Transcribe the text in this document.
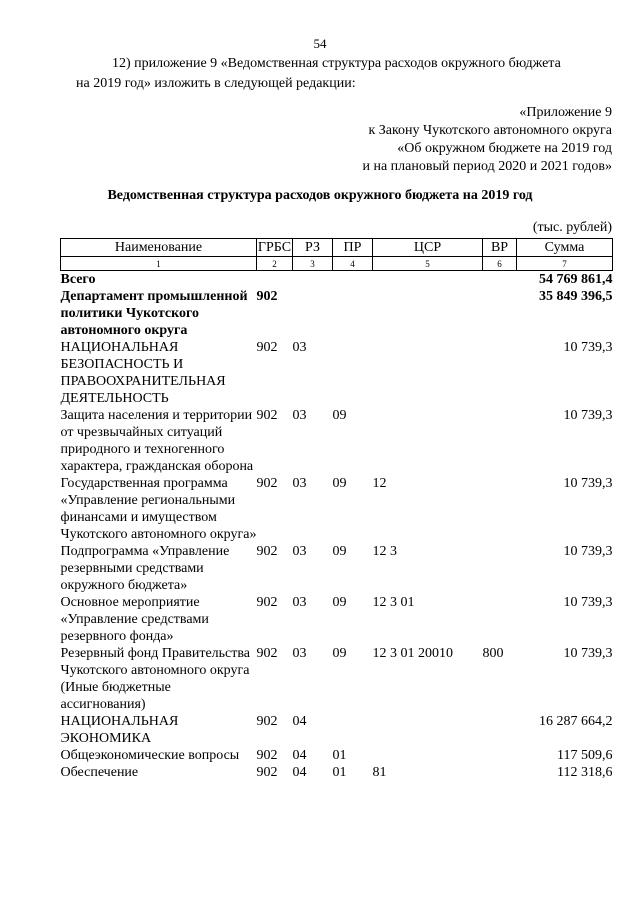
54
12) приложение 9 «Ведомственная структура расходов окружного бюджета
на 2019 год» изложить в следующей редакции:
«Приложение 9
к Закону Чукотского автономного округа
«Об окружном бюджете на 2019 год
и на плановый период 2020 и 2021 годов»
Ведомственная структура расходов окружного бюджета на 2019 год
(тыс. рублей)
Наименование	ГРБС	РЗ	ПР	ЦСР	ВР	Сумма
1	2	3	4	5	6	7
Всего						54 769 861,4
Департамент промышленной политики Чукотского автономного округа	902					35 849 396,5
НАЦИОНАЛЬНАЯ БЕЗОПАСНОСТЬ И ПРАВООХРАНИТЕЛЬНАЯ ДЕЯТЕЛЬНОСТЬ	902	03				10 739,3
Защита населения и территории от чрезвычайных ситуаций природного и техногенного характера, гражданская оборона	902	03	09			10 739,3
Государственная программа «Управление региональными финансами и имуществом Чукотского автономного округа»	902	03	09	12		10 739,3
Подпрограмма «Управление резервными средствами окружного бюджета»	902	03	09	12 3		10 739,3
Основное мероприятие «Управление средствами резервного фонда»	902	03	09	12 3 01		10 739,3
Резервный фонд Правительства Чукотского автономного округа (Иные бюджетные ассигнования)	902	03	09	12 3 01 20010	800	10 739,3
НАЦИОНАЛЬНАЯ ЭКОНОМИКА	902	04				16 287 664,2
Общеэкономические вопросы	902	04	01			117 509,6
Обеспечение	902	04	01	81		112 318,6
